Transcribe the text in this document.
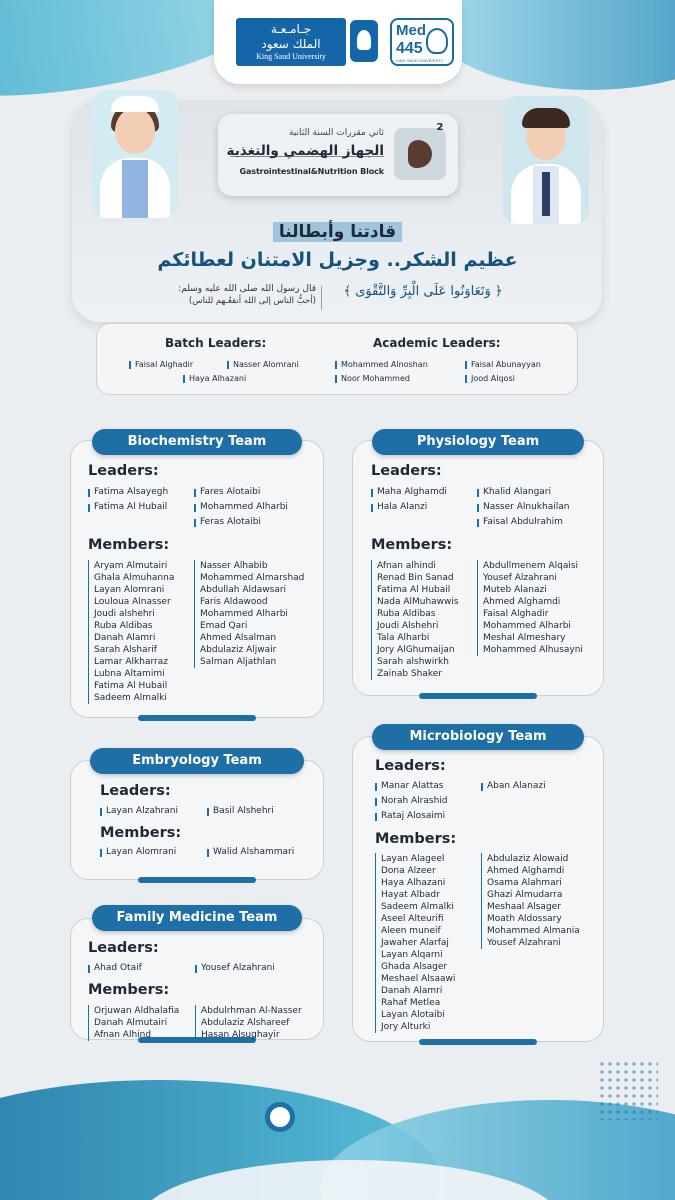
جـامـعـة
الملك سعود
King Saud University
Med
445
KING SAUD UNIVERSITY
ثاني مقررات السنة الثانية
الجهاز الهضمي والتغذية
Gastrointestinal&Nutrition Block
2
قادتنا وأبطالنا
عظيم الشكر.. وجزيل الامتنان لعطائكم
﴿ وَتَعَاوَنُوا عَلَى الْبِرِّ وَالتَّقْوَى ﴾
قال رسول الله صلى الله عليه وسلم:
(أحبُّ الناس إلى الله أنفعُـهم للناس)
Batch Leaders:
Faisal Alghadir	Nasser Alomrani
Haya Alhazani
Academic Leaders:
Mohammed Alnoshan	Faisal Abunayyan
Noor Mohammed	Jood Alqosi
Biochemistry Team
Leaders:
Fatima Alsayegh
Fatima Al Hubail
Fares Alotaibi
Mohammed Alharbi
Feras Alotaibi
Members:
Aryam Almutairi
Ghala Almuhanna
Layan Alomrani
Louloua Alnasser
Joudi alshehri
Ruba Aldibas
Danah Alamri
Sarah Alsharif
Lamar Alkharraz
Lubna Altamimi
Fatima Al Hubail
Sadeem Almalki
Nasser Alhabib
Mohammed Almarshad
Abdullah Aldawsari
Faris Aldawood
Mohammed Alharbi
Emad Qari
Ahmed Alsalman
Abdulaziz Aljwair
Salman Aljathlan
Physiology Team
Leaders:
Maha Alghamdi
Hala Alanzi
Khalid Alangari
Nasser Alnukhailan
Faisal Abdulrahim
Members:
Afnan alhindi
Renad Bin Sanad
Fatima Al Hubail
Nada AlMuhawwis
Ruba Aldibas
Joudi Alshehri
Tala Alharbi
Jory AlGhumaijan
Sarah alshwirkh
Zainab Shaker
Abdullmenem Alqaisi
Yousef Alzahrani
Muteb Alanazi
Ahmed Alghamdi
Faisal Alghadir
Mohammed Alharbi
Meshal Almeshary
Mohammed Alhusayni
Embryology Team
Leaders:
Layan Alzahrani	Basil Alshehri
Members:
Layan Alomrani	Walid Alshammari
Microbiology Team
Leaders:
Manar Alattas
Norah Alrashid
Rataj Alosaimi
Aban Alanazi
Members:
Layan Alageel
Dona Alzeer
Haya Alhazani
Hayat Albadr
Sadeem Almalki
Aseel Alteurifi
Aleen muneif
Jawaher Alarfaj
Layan Alqarni
Ghada Alsager
Meshael Alsaawi
Danah Alamri
Rahaf Metlea
Layan Alotaibi
Jory Alturki
Abdulaziz Alowaid
Ahmed Alghamdi
Osama Alahmari
Ghazi Almudarra
Meshaal Alsager
Moath Aldossary
Mohammed Almania
Yousef Alzahrani
Family Medicine Team
Leaders:
Ahad Otaif	Yousef Alzahrani
Members:
Orjuwan Aldhalafia
Danah Almutairi
Afnan Alhind
Abdulrhman Al-Nasser
Abdulaziz Alshareef
Hasan Alsughayir
